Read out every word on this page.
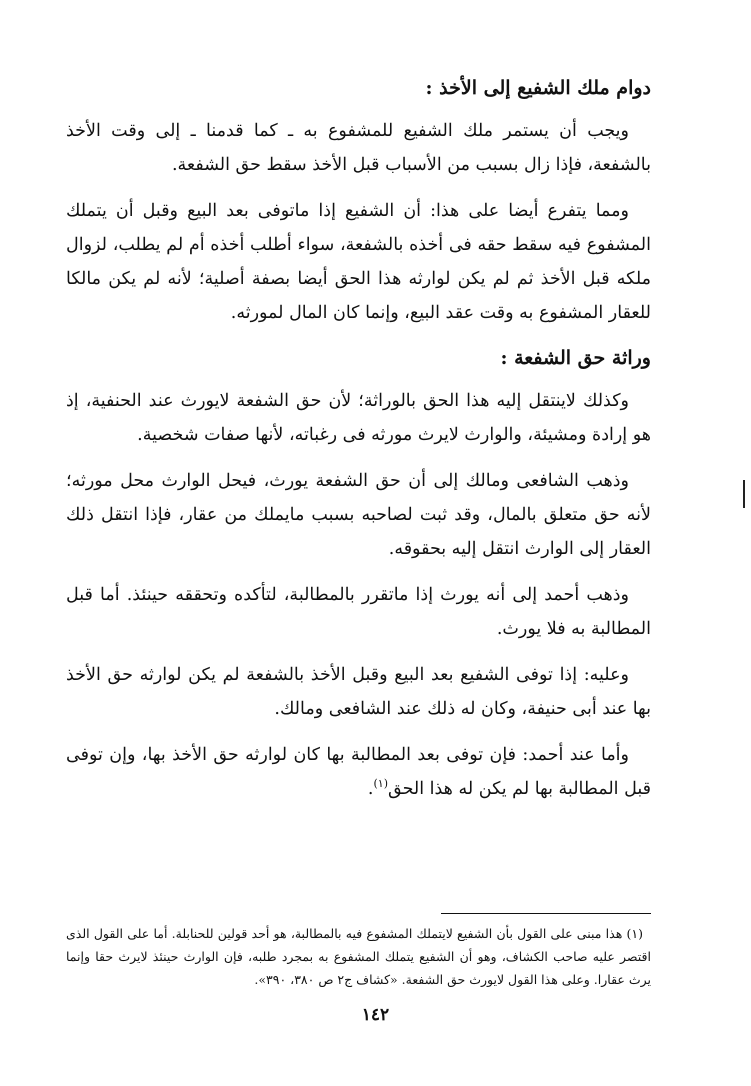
دوام ملك الشفيع إلى الأخذ :

ويجب أن يستمر ملك الشفيع للمشفوع به ـ كما قدمنا ـ إلى وقت الأخذ بالشفعة، فإذا زال بسبب من الأسباب قبل الأخذ سقط حق الشفعة.

ومما يتفرع أيضا على هذا: أن الشفيع إذا ماتوفى بعد البيع وقبل أن يتملك المشفوع فيه سقط حقه فى أخذه بالشفعة، سواء أطلب أخذه أم لم يطلب، لزوال ملكه قبل الأخذ ثم لم يكن لوارثه هذا الحق أيضا بصفة أصلية؛ لأنه لم يكن مالكا للعقار المشفوع به وقت عقد البيع، وإنما كان المال لمورثه.

وراثة حق الشفعة :

وكذلك لاينتقل إليه هذا الحق بالوراثة؛ لأن حق الشفعة لايورث عند الحنفية، إذ هو إرادة ومشيئة، والوارث لايرث مورثه فى رغباته، لأنها صفات شخصية.

وذهب الشافعى ومالك إلى أن حق الشفعة يورث، فيحل الوارث محل مورثه؛ لأنه حق متعلق بالمال، وقد ثبت لصاحبه بسبب مايملك من عقار، فإذا انتقل ذلك العقار إلى الوارث انتقل إليه بحقوقه.

وذهب أحمد إلى أنه يورث إذا ماتقرر بالمطالبة، لتأكده وتحققه حينئذ. أما قبل المطالبة به فلا يورث.

وعليه: إذا توفى الشفيع بعد البيع وقبل الأخذ بالشفعة لم يكن لوارثه حق الأخذ بها عند أبى حنيفة، وكان له ذلك عند الشافعى ومالك.

وأما عند أحمد: فإن توفى بعد المطالبة بها كان لوارثه حق الأخذ بها، وإن توفى قبل المطالبة بها لم يكن له هذا الحق$^{(١)}$.

(١) هذا مبنى على القول بأن الشفيع لايتملك المشفوع فيه بالمطالبة، هو أحد قولين للحنابلة. أما على القول الذى اقتصر عليه صاحب الكشاف، وهو أن الشفيع يتملك المشفوع به بمجرد طلبه، فإن الوارث حينئذ لايرث حقا وإنما يرث عقارا. وعلى هذا القول لايورث حق الشفعة. «كشاف ج٢ ص ٣٨٠، ٣٩٠».

١٤٢
